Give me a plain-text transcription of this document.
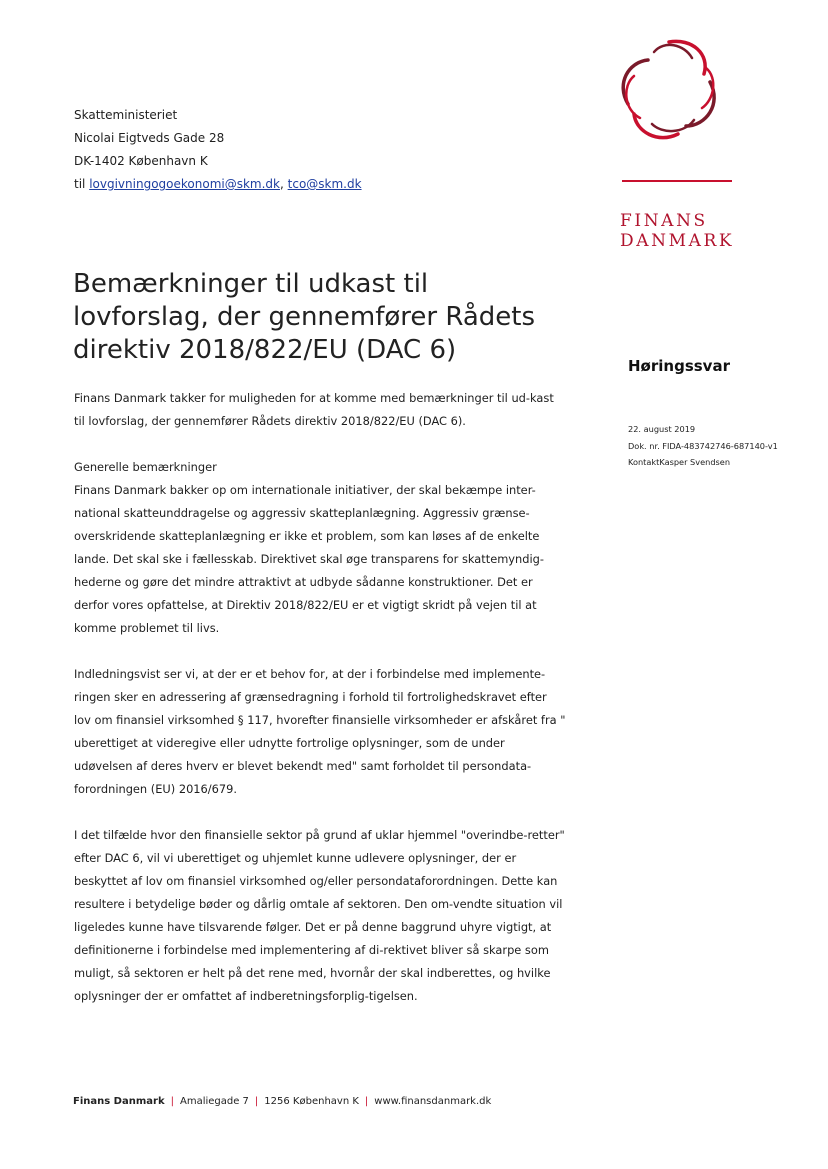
Skatteministeriet
Nicolai Eigtveds Gade 28
DK-1402 København K
til lovgivningogoekonomi@skm.dk, tco@skm.dk
FINANS
DANMARK
Bemærkninger til udkast til lovforslag, der gennemfører Rådets direktiv 2018/822/EU (DAC 6)
Høringssvar
22. august 2019
Dok. nr. FIDA-483742746-687140-v1
KontaktKasper Svendsen

Finans Danmark takker for muligheden for at komme med bemærkninger til ud-kast til lovforslag, der gennemfører Rådets direktiv 2018/822/EU (DAC 6).

Generelle bemærkninger

Finans Danmark bakker op om internationale initiativer, der skal bekæmpe inter-national skatteunddragelse og aggressiv skatteplanlægning. Aggressiv grænse-overskridende skatteplanlægning er ikke et problem, som kan løses af de enkelte lande. Det skal ske i fællesskab. Direktivet skal øge transparens for skattemyndig-hederne og gøre det mindre attraktivt at udbyde sådanne konstruktioner. Det er derfor vores opfattelse, at Direktiv 2018/822/EU er et vigtigt skridt på vejen til at komme problemet til livs.

Indledningsvist ser vi, at der er et behov for, at der i forbindelse med implemente-ringen sker en adressering af grænsedragning i forhold til fortrolighedskravet efter lov om finansiel virksomhed § 117, hvorefter finansielle virksomheder er afskåret fra " uberettiget at videregive eller udnytte fortrolige oplysninger, som de under udøvelsen af deres hverv er blevet bekendt med" samt forholdet til persondata-forordningen (EU) 2016/679.

I det tilfælde hvor den finansielle sektor på grund af uklar hjemmel "overindbe-retter" efter DAC 6, vil vi uberettiget og uhjemlet kunne udlevere oplysninger, der er beskyttet af lov om finansiel virksomhed og/eller persondataforordningen. Dette kan resultere i betydelige bøder og dårlig omtale af sektoren. Den om-vendte situation vil ligeledes kunne have tilsvarende følger. Det er på denne baggrund uhyre vigtigt, at definitionerne i forbindelse med implementering af di-rektivet bliver så skarpe som muligt, så sektoren er helt på det rene med, hvornår der skal indberettes, og hvilke oplysninger der er omfattet af indberetningsforplig-tigelsen.

Finans Danmark | Amaliegade 7 | 1256 København K | www.finansdanmark.dk
